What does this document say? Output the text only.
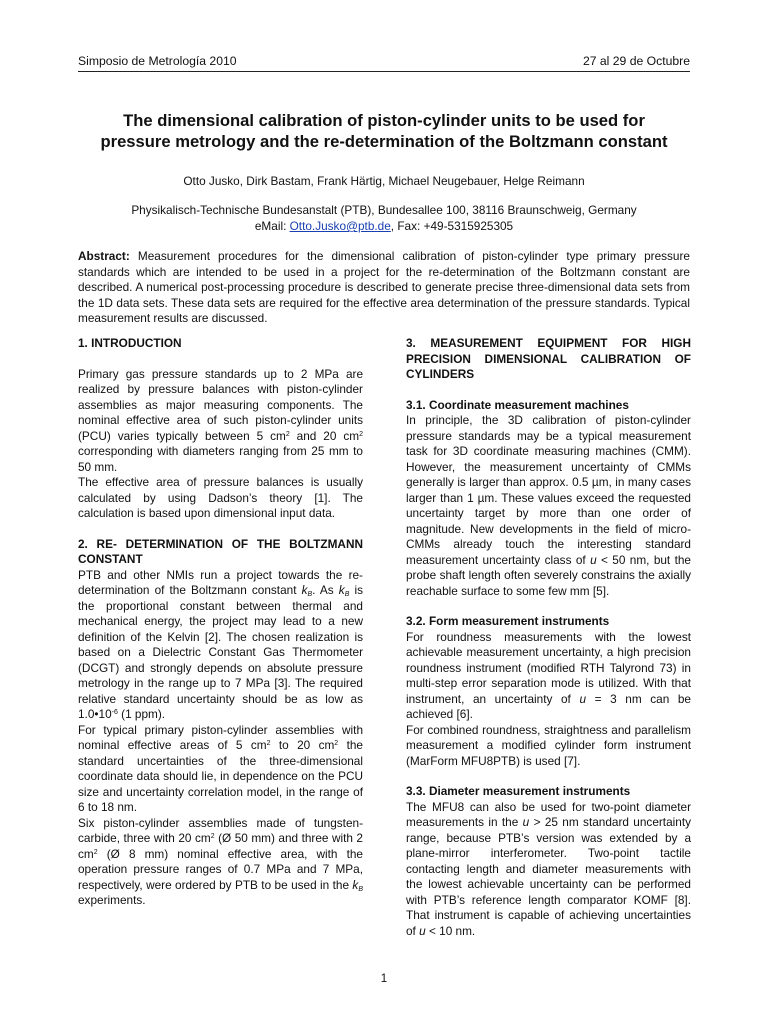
Simposio de Metrología 2010	27 al 29 de Octubre
The dimensional calibration of piston-cylinder units to be used for
pressure metrology and the re-determination of the Boltzmann constant
Otto Jusko, Dirk Bastam, Frank Härtig, Michael Neugebauer, Helge Reimann
Physikalisch-Technische Bundesanstalt (PTB), Bundesallee 100, 38116 Braunschweig, Germany
eMail: Otto.Jusko@ptb.de, Fax: +49-5315925305
Abstract: Measurement procedures for the dimensional calibration of piston-cylinder type primary pressure standards which are intended to be used in a project for the re-determination of the Boltzmann constant are described. A numerical post-processing procedure is described to generate precise three-dimensional data sets from the 1D data sets. These data sets are required for the effective area determination of the pressure standards. Typical measurement results are discussed.

1. INTRODUCTION

Primary gas pressure standards up to 2 MPa are realized by pressure balances with piston-cylinder assemblies as major measuring components. The nominal effective area of such piston-cylinder units (PCU) varies typically between 5 $cm^2$ and 20 $cm^2$ corresponding with diameters ranging from 25 mm to 50 mm.

The effective area of pressure balances is usually calculated by using Dadson’s theory [1]. The calculation is based upon dimensional input data.

2. RE- DETERMINATION OF THE BOLTZMANN CONSTANT

PTB and other NMIs run a project towards the re-determination of the Boltzmann constant $k_B$. As $k_B$ is the proportional constant between thermal and mechanical energy, the project may lead to a new definition of the Kelvin [2]. The chosen realization is based on a Dielectric Constant Gas Thermometer (DCGT) and strongly depends on absolute pressure metrology in the range up to 7 MPa [3]. The required relative standard uncertainty should be as low as $1.0•10^{-6}$ (1 ppm).

For typical primary piston-cylinder assemblies with nominal effective areas of 5 $cm^2$ to 20 $cm^2$ the standard uncertainties of the three-dimensional coordinate data should lie, in dependence on the PCU size and uncertainty correlation model, in the range of 6 to 18 nm.

Six piston-cylinder assemblies made of tungsten-carbide, three with 20 $cm^2$ (Ø 50 mm) and three with 2 $cm^2$ (Ø 8 mm) nominal effective area, with the operation pressure ranges of 0.7 MPa and 7 MPa, respectively, were ordered by PTB to be used in the $k_B$ experiments.

3. MEASUREMENT EQUIPMENT FOR HIGH PRECISION DIMENSIONAL CALIBRATION OF CYLINDERS

3.1. Coordinate measurement machines

In principle, the 3D calibration of piston-cylinder pressure standards may be a typical measurement task for 3D coordinate measuring machines (CMM). However, the measurement uncertainty of CMMs generally is larger than approx. 0.5 µm, in many cases larger than 1 µm. These values exceed the requested uncertainty target by more than one order of magnitude. New developments in the field of micro-CMMs already touch the interesting standard measurement uncertainty class of u < 50 nm, but the probe shaft length often severely constrains the axially reachable surface to some few mm [5].

3.2. Form measurement instruments

For roundness measurements with the lowest achievable measurement uncertainty, a high precision roundness instrument (modified RTH Talyrond 73) in multi-step error separation mode is utilized. With that instrument, an uncertainty of u = 3 nm can be achieved [6].

For combined roundness, straightness and parallelism measurement a modified cylinder form instrument (MarForm MFU8PTB) is used [7].

3.3. Diameter measurement instruments

The MFU8 can also be used for two-point diameter measurements in the u > 25 nm standard uncertainty range, because PTB’s version was extended by a plane-mirror interferometer. Two-point tactile contacting length and diameter measurements with the lowest achievable uncertainty can be performed with PTB’s reference length comparator KOMF [8]. That instrument is capable of achieving uncertainties of u < 10 nm.

1
